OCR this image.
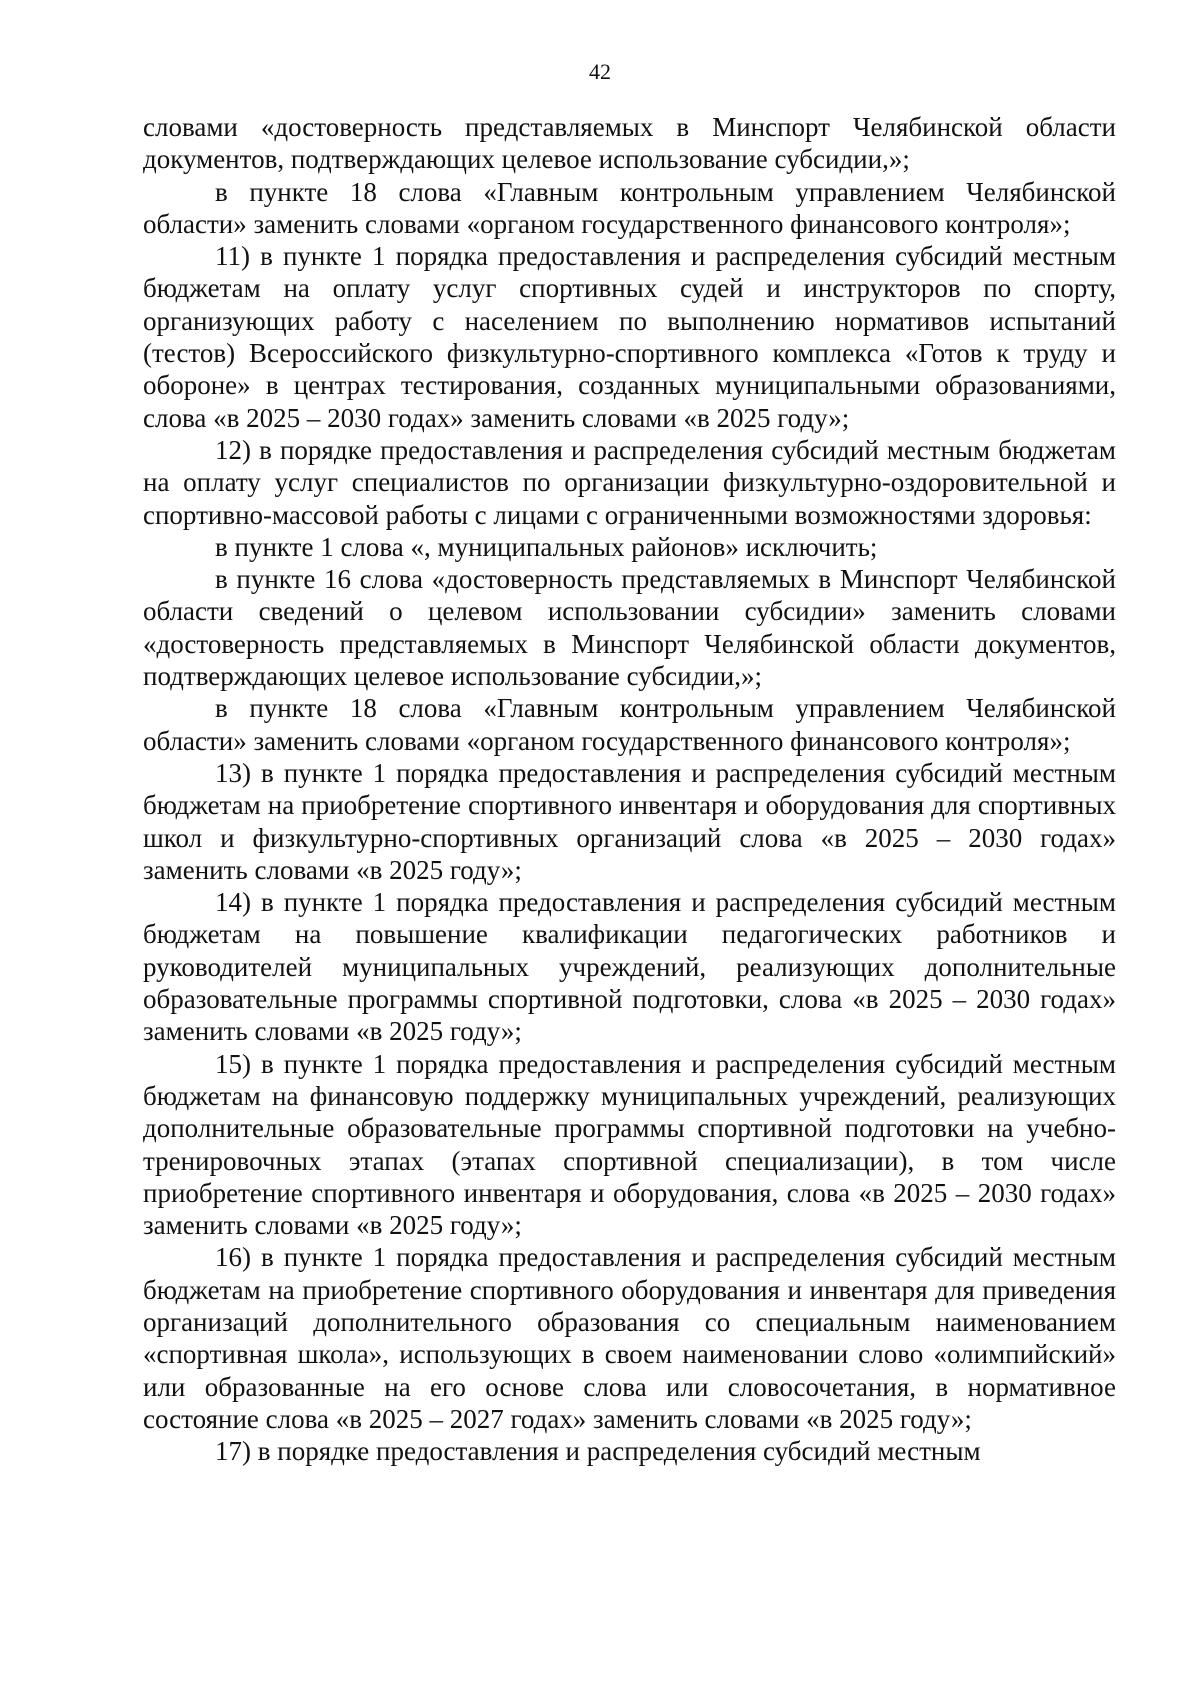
42

словами «достоверность представляемых в Минспорт Челябинской области документов, подтверждающих целевое использование субсидии,»;

в пункте 18 слова «Главным контрольным управлением Челябинской области» заменить словами «органом государственного финансового контроля»;

11) в пункте 1 порядка предоставления и распределения субсидий местным бюджетам на оплату услуг спортивных судей и инструкторов по спорту, организующих работу с населением по выполнению нормативов испытаний (тестов) Всероссийского физкультурно-спортивного комплекса «Готов к труду и обороне» в центрах тестирования, созданных муниципальными образованиями, слова «в 2025 – 2030 годах» заменить словами «в 2025 году»;

12) в порядке предоставления и распределения субсидий местным бюджетам на оплату услуг специалистов по организации физкультурно-оздоровительной и спортивно-массовой работы с лицами с ограниченными возможностями здоровья:

в пункте 1 слова «, муниципальных районов» исключить;

в пункте 16 слова «достоверность представляемых в Минспорт Челябинской области сведений о целевом использовании субсидии» заменить словами «достоверность представляемых в Минспорт Челябинской области документов, подтверждающих целевое использование субсидии,»;

в пункте 18 слова «Главным контрольным управлением Челябинской области» заменить словами «органом государственного финансового контроля»;

13) в пункте 1 порядка предоставления и распределения субсидий местным бюджетам на приобретение спортивного инвентаря и оборудования для спортивных школ и физкультурно-спортивных организаций слова «в 2025 – 2030 годах» заменить словами «в 2025 году»;

14) в пункте 1 порядка предоставления и распределения субсидий местным бюджетам на повышение квалификации педагогических работников и руководителей муниципальных учреждений, реализующих дополнительные образовательные программы спортивной подготовки, слова «в 2025 – 2030 годах» заменить словами «в 2025 году»;

15) в пункте 1 порядка предоставления и распределения субсидий местным бюджетам на финансовую поддержку муниципальных учреждений, реализующих дополнительные образовательные программы спортивной подготовки на учебно-тренировочных этапах (этапах спортивной специализации), в том числе приобретение спортивного инвентаря и оборудования, слова «в 2025 – 2030 годах» заменить словами «в 2025 году»;

16) в пункте 1 порядка предоставления и распределения субсидий местным бюджетам на приобретение спортивного оборудования и инвентаря для приведения организаций дополнительного образования со специальным наименованием «спортивная школа», использующих в своем наименовании слово «олимпийский» или образованные на его основе слова или словосочетания, в нормативное состояние слова «в 2025 – 2027 годах» заменить словами «в 2025 году»;

17) в порядке предоставления и распределения субсидий местным
